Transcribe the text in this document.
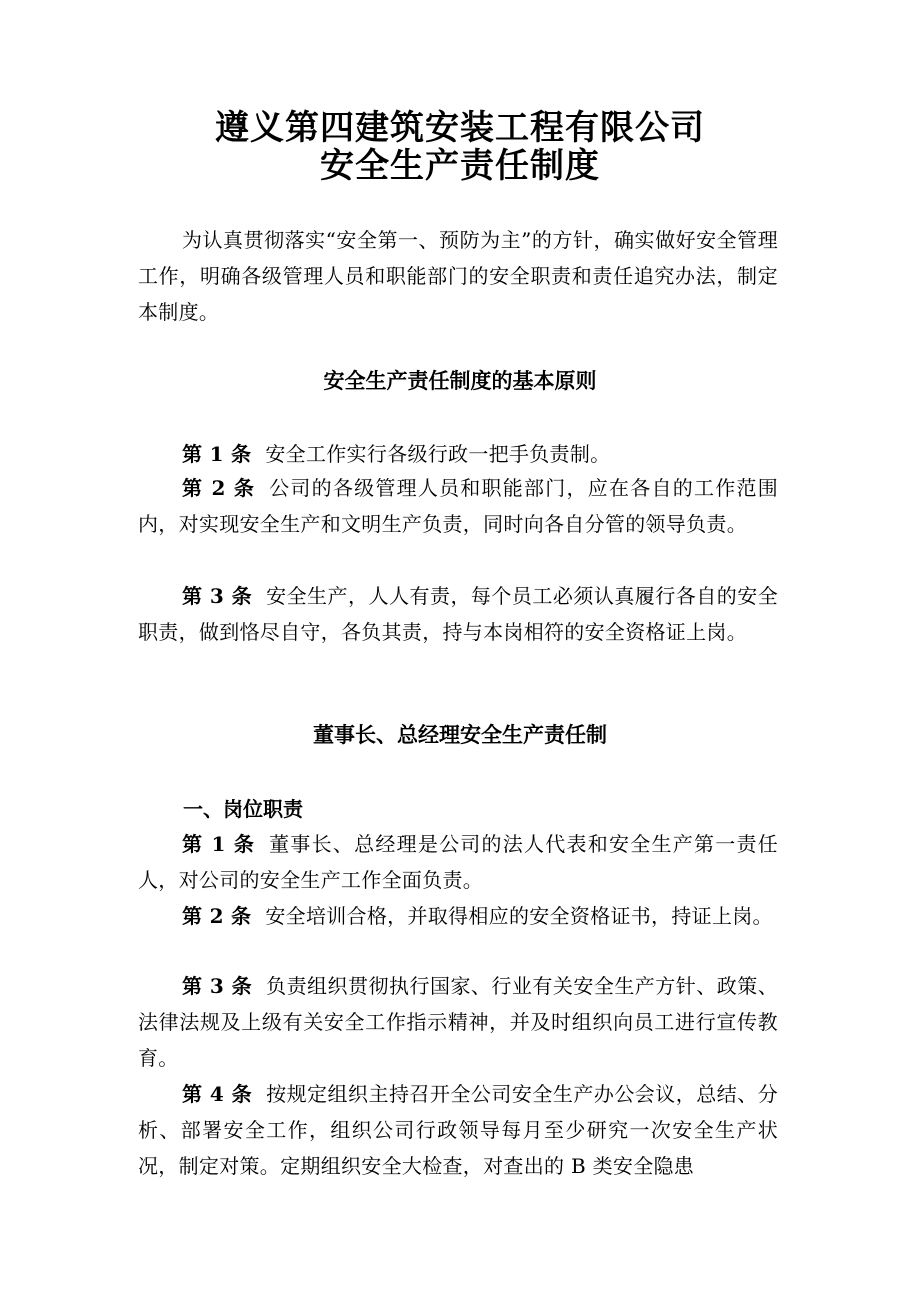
遵义第四建筑安装工程有限公司
安全生产责任制度
为认真贯彻落实“安全第一、预防为主”的方针，确实做好安全管理工作，明确各级管理人员和职能部门的安全职责和责任追究办法，制定本制度。
安全生产责任制度的基本原则
第 1 条 安全工作实行各级行政一把手负责制。
第 2 条 公司的各级管理人员和职能部门，应在各自的工作范围内，对实现安全生产和文明生产负责，同时向各自分管的领导负责。
第 3 条 安全生产，人人有责，每个员工必须认真履行各自的安全职责，做到恪尽自守，各负其责，持与本岗相符的安全资格证上岗。
董事长、总经理安全生产责任制
一、岗位职责
第 1 条 董事长、总经理是公司的法人代表和安全生产第一责任人，对公司的安全生产工作全面负责。
第 2 条 安全培训合格，并取得相应的安全资格证书，持证上岗。
第 3 条 负责组织贯彻执行国家、行业有关安全生产方针、政策、法律法规及上级有关安全工作指示精神，并及时组织向员工进行宣传教育。
第 4 条 按规定组织主持召开全公司安全生产办公会议，总结、分析、部署安全工作，组织公司行政领导每月至少研究一次安全生产状况，制定对策。定期组织安全大检查，对查出的 B 类安全隐患
